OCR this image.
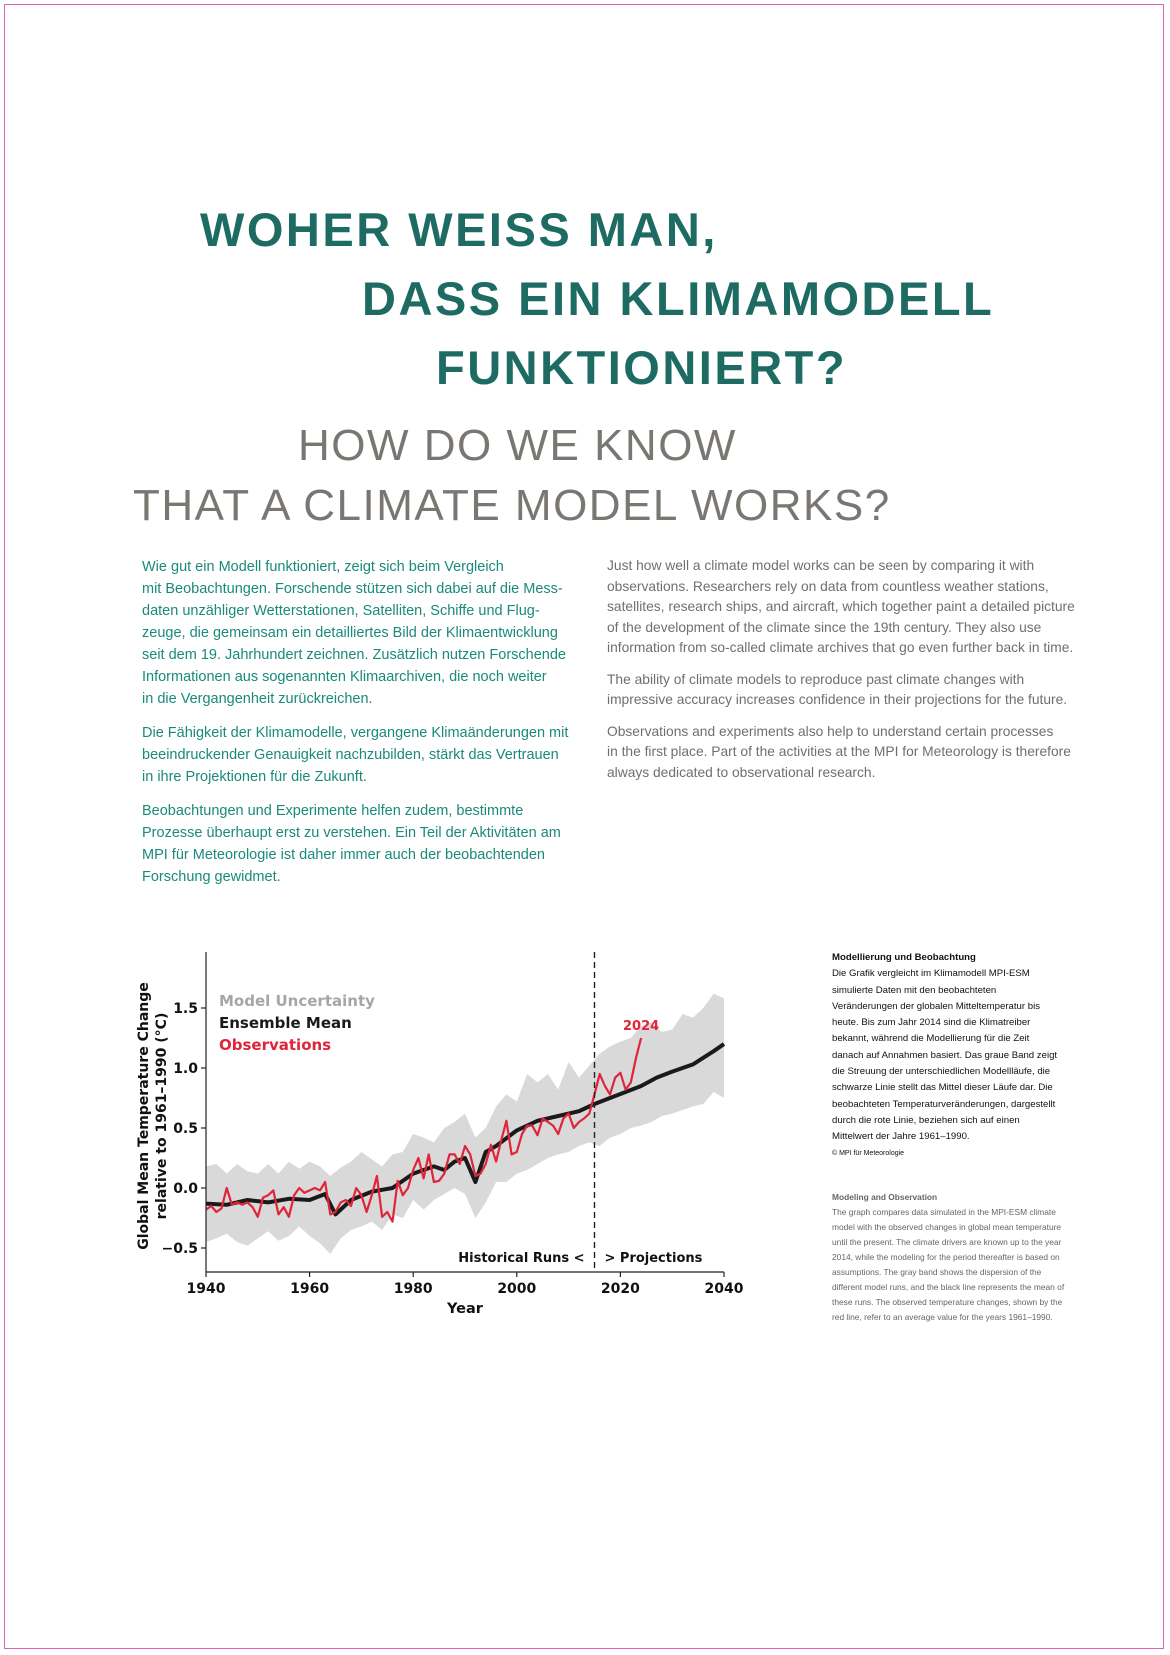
WOHER WEISS MAN,
DASS EIN KLIMAMODELL
FUNKTIONIERT?
HOW DO WE KNOW
THAT A CLIMATE MODEL WORKS?

Wie gut ein Modell funktioniert, zeigt sich beim Vergleich
mit Beobachtungen. Forschende stützen sich dabei auf die Mess-
daten unzähliger Wetterstationen, Satelliten, Schiffe und Flug-
zeuge, die gemeinsam ein detailliertes Bild der Klimaentwicklung
seit dem 19. Jahrhundert zeichnen. Zusätzlich nutzen Forschende
Informationen aus sogenannten Klimaarchiven, die noch weiter
in die Vergangenheit zurückreichen.

Die Fähigkeit der Klimamodelle, vergangene Klimaänderungen mit
beeindruckender Genauigkeit nachzubilden, stärkt das Vertrauen
in ihre Projektionen für die Zukunft.

Beobachtungen und Experimente helfen zudem, bestimmte
Prozesse überhaupt erst zu verstehen. Ein Teil der Aktivitäten am
MPI für Meteorologie ist daher immer auch der beobachtenden
Forschung gewidmet.

Just how well a climate model works can be seen by comparing it with
observations. Researchers rely on data from countless weather stations,
satellites, research ships, and aircraft, which together paint a detailed picture
of the development of the climate since the 19th century. They also use
information from so-called climate archives that go even further back in time.

The ability of climate models to reproduce past climate changes with
impressive accuracy increases confidence in their projections for the future.

Observations and experiments also help to understand certain processes
in the first place. Part of the activities at the MPI for Meteorology is therefore
always dedicated to observational research.

−0.5
0.0
0.5
1.0
1.5
1940	1960	1980	2000	2020	2040
Year
Global Mean Temperature Change relative to 1961–1990 (°C)
Model Uncertainty
Ensemble Mean
Observations
2024
Historical Runs < > Projections
Modellierung und Beobachtung
Die Grafik vergleicht im Klimamodell MPI-ESM simulierte Daten mit den beobachteten Veränderungen der globalen Mitteltemperatur bis heute. Bis zum Jahr 2014 sind die Klimatreiber bekannt, während die Modellierung für die Zeit danach auf Annahmen basiert. Das graue Band zeigt die Streuung der unterschiedlichen Modellläufe, die schwarze Linie stellt das Mittel dieser Läufe dar. Die beobachteten Temperaturveränderungen, dargestellt durch die rote Linie, beziehen sich auf einen Mittelwert der Jahre 1961–1990.
© MPI für Meteorologie
Modeling and Observation
The graph compares data simulated in the MPI-ESM climate model with the observed changes in global mean temperature until the present. The climate drivers are known up to the year 2014, while the modeling for the period thereafter is based on assumptions. The gray band shows the dispersion of the different model runs, and the black line represents the mean of these runs. The observed temperature changes, shown by the red line, refer to an average value for the years 1961–1990.
